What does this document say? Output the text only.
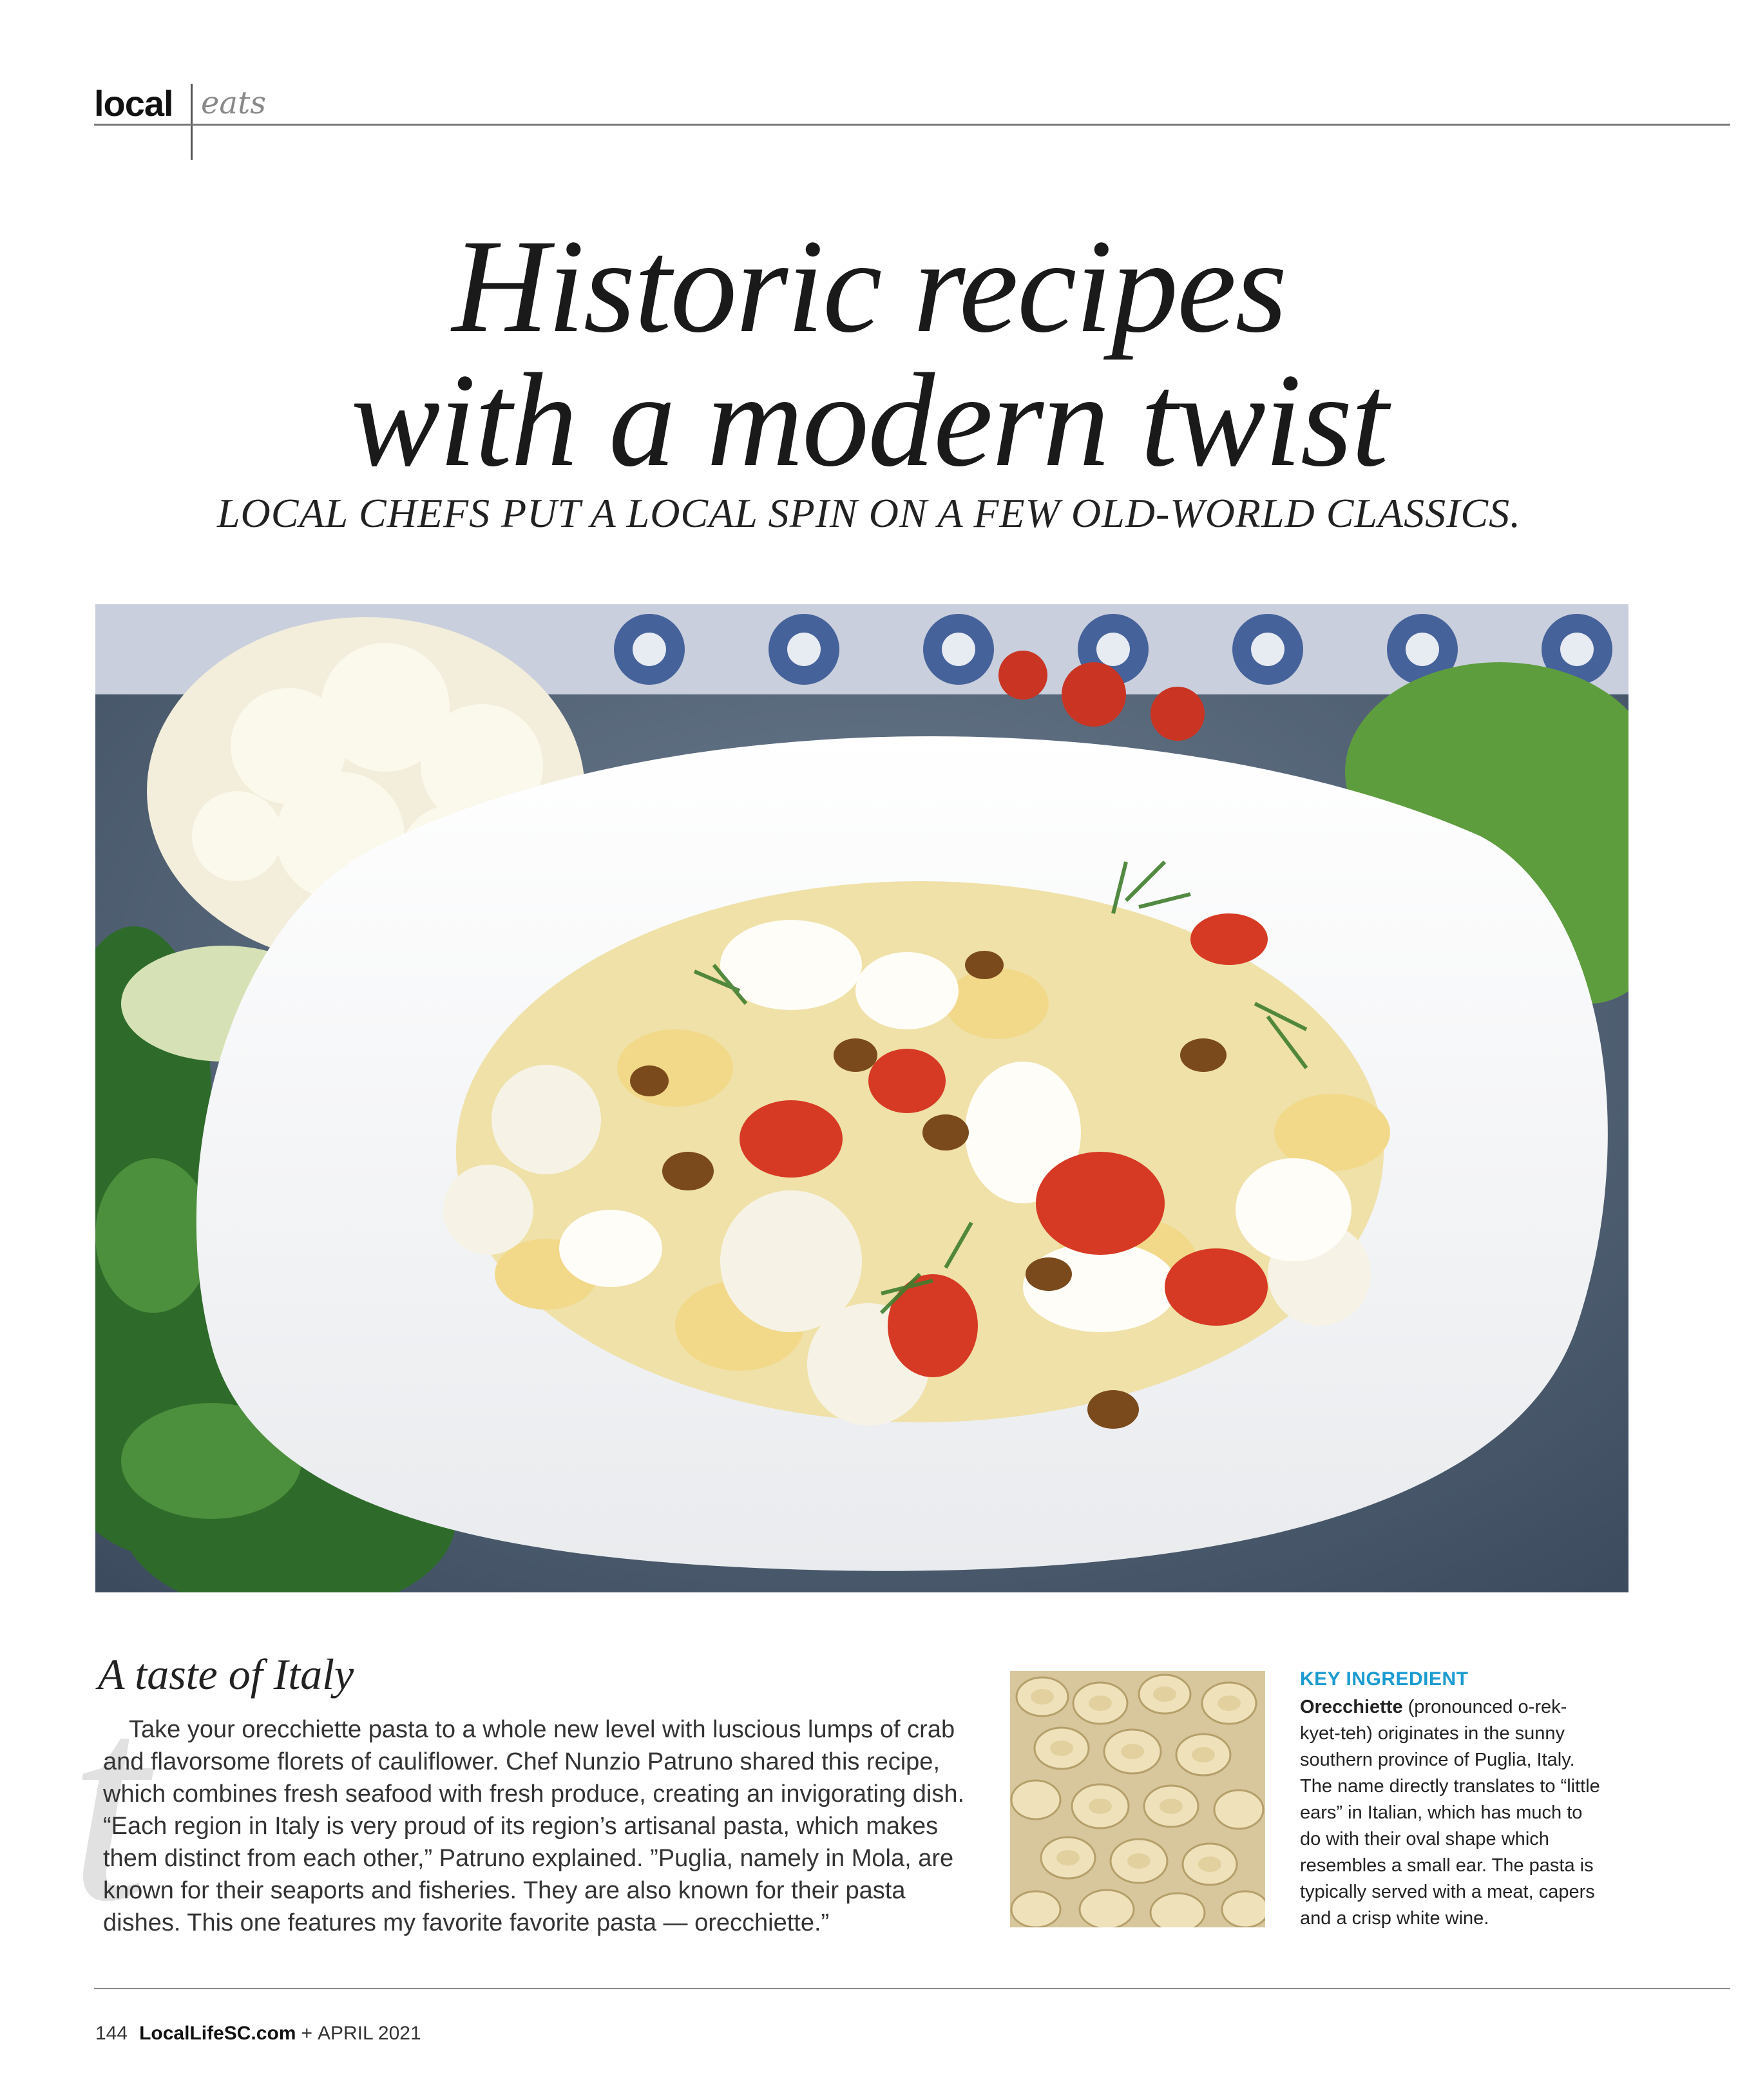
local eats
Historic recipes
with a modern twist
LOCAL CHEFS PUT A LOCAL SPIN ON A FEW OLD-WORLD CLASSICS.
t
A taste of Italy
Take your orecchiette pasta to a whole new level with luscious lumps of crab and flavorsome florets of cauliflower. Chef Nunzio Patruno shared this recipe, which combines fresh seafood with fresh produce, creating an invigorating dish. “Each region in Italy is very proud of its region’s artisanal pasta, which makes them distinct from each other,” Patruno explained. ”Puglia, namely in Mola, are known for their seaports and fisheries. They are also known for their pasta dishes. This one features my favorite favorite pasta — orecchiette.”
KEY INGREDIENT
Orecchiette (pronounced o-rek-kyet-teh) originates in the sunny southern province of Puglia, Italy. The name directly translates to “little ears” in Italian, which has much to do with their oval shape which resembles a small ear. The pasta is typically served with a meat, capers and a crisp white wine.
144 LocalLifeSC.com + APRIL 2021
